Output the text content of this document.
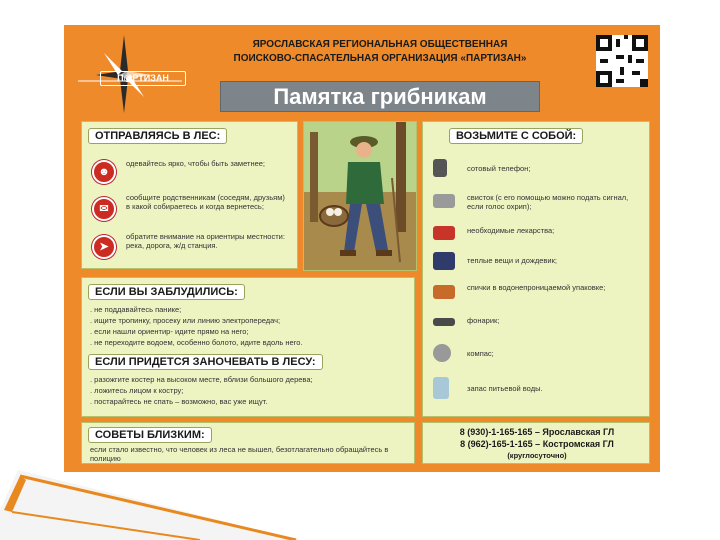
П@РТИЗАН
ЯРОСЛАВСКАЯ РЕГИОНАЛЬНАЯ ОБЩЕСТВЕННАЯ
ПОИСКОВО-СПАСАТЕЛЬНАЯ ОРГАНИЗАЦИЯ «ПАРТИЗАН»
Памятка грибникам
ОТПРАВЛЯЯСЬ В ЛЕС:
☻
одевайтесь ярко, чтобы быть заметнее;
✉
сообщите родственникам (соседям, друзьям) в какой собираетесь и когда вернетесь;
➤
обратите внимание на ориентиры местности: река, дорога, ж/д станция.
ВОЗЬМИТЕ С СОБОЙ:
сотовый телефон;
свисток (с его помощью можно подать сигнал, если голос охрип);
необходимые лекарства;
теплые вещи и дождевик;
спички в водонепроницаемой упаковке;
фонарик;
компас;
запас питьевой воды.
ЕСЛИ ВЫ ЗАБЛУДИЛИСЬ:
. не поддавайтесь панике;
. ищите тропинку, просеку или линию электропередач;
. если нашли ориентир- идите прямо на него;
. не переходите водоем, особенно болото, идите вдоль него.
ЕСЛИ ПРИДЕТСЯ ЗАНОЧЕВАТЬ В ЛЕСУ:
. разожгите костер на высоком месте, вблизи большого дерева;
. ложитесь лицом к костру;
. постарайтесь не спать – возможно, вас уже ищут.
СОВЕТЫ БЛИЗКИМ:
если стало известно, что человек из леса не вышел, безотлагательно обращайтесь в полицию
8 (930)-1-165-165 – Ярославская ГЛ
8 (962)-165-1-165 – Костромская ГЛ
(круглосуточно)
